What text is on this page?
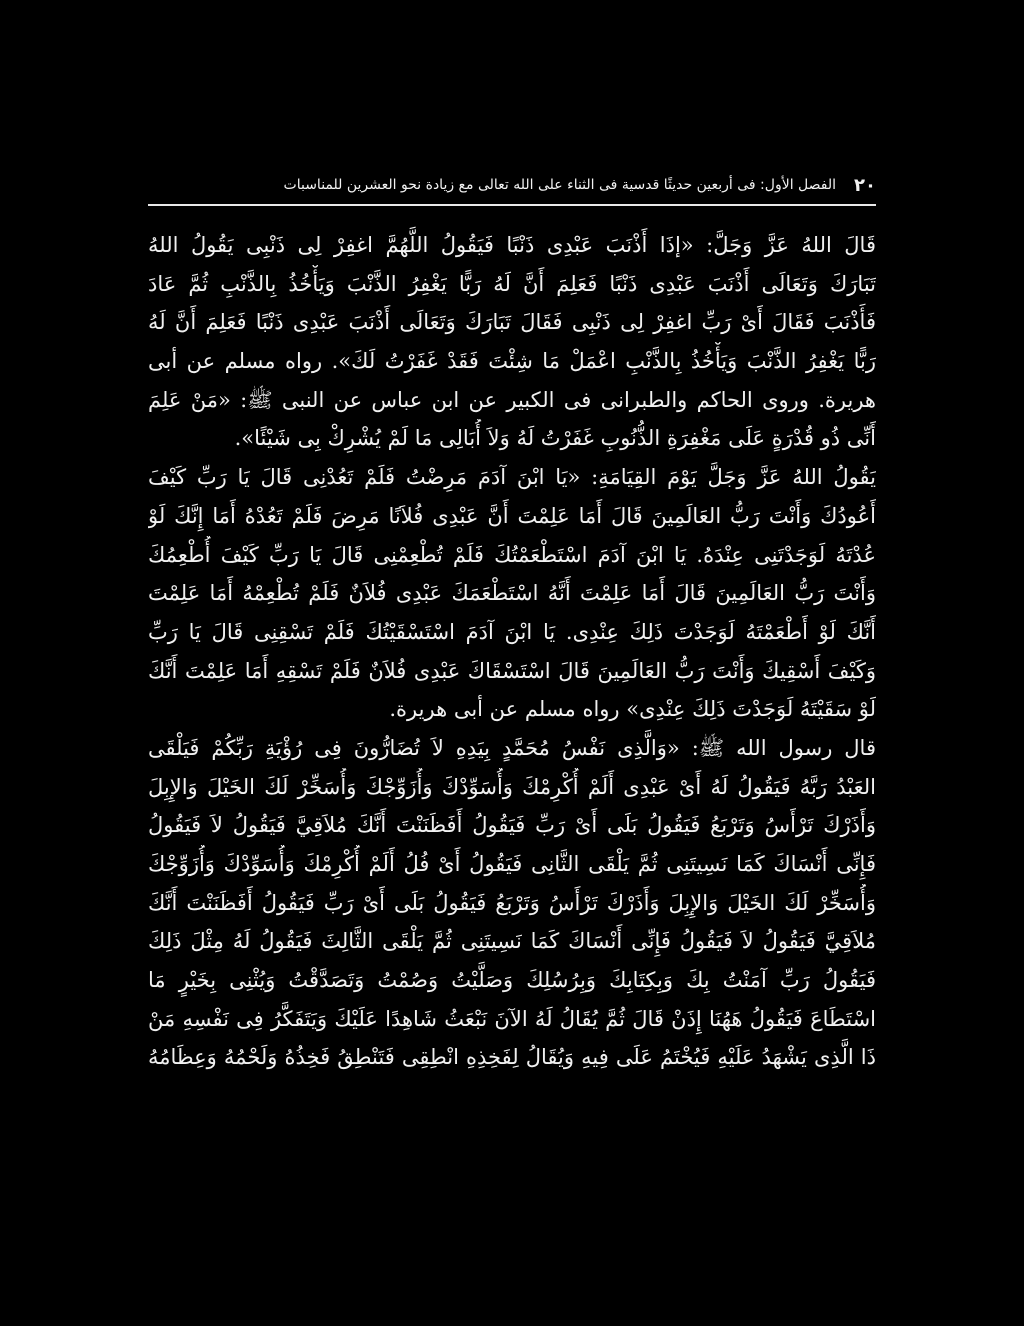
٢٠
الفصل الأول: فى أربعين حديثًا قدسية فى الثناء على الله تعالى مع زيادة نحو العشرين للمناسبات
قَالَ اللهُ عَزَّ وَجَلَّ: «إذَا أَذْنَبَ عَبْدِى ذَنْبًا فَيَقُولُ اللَّهُمَّ اغفِرْ لِى ذَنْبِى يَقُولُ اللهُ
تَبَارَكَ وَتَعَالَى أَذْنَبَ عَبْدِى ذَنْبًا فَعَلِمَ أَنَّ لَهُ رَبًّا يَغْفِرُ الذَّنْبَ وَيَأْخُذُ بِالذَّنْبِ ثُمَّ عَادَ
فَأَذْنَبَ فَقَالَ أَىْ رَبِّ اغفِرْ لِى ذَنْبِى فَقَالَ تَبَارَكَ وَتَعَالَى أَذْنَبَ عَبْدِى ذَنْبًا فَعَلِمَ أَنَّ لَهُ
رَبًّا يَغْفِرُ الذَّنْبَ وَيَأْخُذُ بِالذَّنْبِ اعْمَلْ مَا شِئْتَ فَقَدْ غَفَرْتُ لَكَ». رواه مسلم عن أبى
هريرة. وروى الحاكم والطبرانى فى الكبير عن ابن عباس عن النبى ﷺ: «مَنْ عَلِمَ
أَنِّى ذُو قُدْرَةٍ عَلَى مَغْفِرَةِ الذُّنُوبِ غَفَرْتُ لَهُ وَلاَ أُبَالِى مَا لَمْ يُشْرِكْ بِى شَيْئًا».
يَقُولُ اللهُ عَزَّ وَجَلَّ يَوْمَ القِيَامَةِ: «يَا ابْنَ آدَمَ مَرِضْتُ فَلَمْ تَعُدْنِى قَالَ يَا رَبِّ كَيْفَ
أَعُودُكَ وَأَنْتَ رَبُّ العَالَمِينَ قَالَ أَمَا عَلِمْتَ أَنَّ عَبْدِى فُلاَنًا مَرِضَ فَلَمْ تَعُدْهُ أَمَا إِنَّكَ لَوْ
عُدْتَهُ لَوَجَدْتَنِى عِنْدَهُ. يَا ابْنَ آدَمَ اسْتَطْعَمْتُكَ فَلَمْ تُطْعِمْنِى قَالَ يَا رَبِّ كَيْفَ أُطْعِمُكَ
وَأَنْتَ رَبُّ العَالَمِينَ قَالَ أَمَا عَلِمْتَ أَنَّهُ اسْتَطْعَمَكَ عَبْدِى فُلاَنٌ فَلَمْ تُطْعِمْهُ أَمَا عَلِمْتَ
أَنَّكَ لَوْ أَطْعَمْتَهُ لَوَجَدْتَ ذَلِكَ عِنْدِى. يَا ابْنَ آدَمَ اسْتَسْقَيْتُكَ فَلَمْ تَسْقِنِى قَالَ يَا رَبِّ
وَكَيْفَ أَسْقِيكَ وَأَنْتَ رَبُّ العَالَمِينَ قَالَ اسْتَسْقَاكَ عَبْدِى فُلاَنٌ فَلَمْ تَسْقِهِ أَمَا عَلِمْتَ أَنَّكَ
لَوْ سَقَيْتَهُ لَوَجَدْتَ ذَلِكَ عِنْدِى» رواه مسلم عن أبى هريرة.
قال رسول الله ﷺ: «وَالَّذِى نَفْسُ مُحَمَّدٍ بِيَدِهِ لاَ تُضَارُّونَ فِى رُؤْيَةِ رَبِّكُمْ فَيَلْقَى
العَبْدُ رَبَّهُ فَيَقُولُ لَهُ أَىْ عَبْدِى أَلَمْ أُكْرِمْكَ وَأُسَوِّدْكَ وَأُزَوِّجْكَ وَأُسَخِّرْ لَكَ الخَيْلَ وَالإِبِلَ
وَأَذَرْكَ تَرْأَسُ وَتَرْبَعُ فَيَقُولُ بَلَى أَىْ رَبِّ فَيَقُولُ أَفَظَنَنْتَ أَنَّكَ مُلاَقِيَّ فَيَقُولُ لاَ فَيَقُولُ
فَإِنِّى أَنْسَاكَ كَمَا نَسِيتَنِى ثُمَّ يَلْقَى الثَّانِى فَيَقُولُ أَىْ فُلُ أَلَمْ أُكْرِمْكَ وَأُسَوِّدْكَ وَأُزَوِّجْكَ
وَأُسَخِّرْ لَكَ الخَيْلَ وَالإِبِلَ وَأَذَرْكَ تَرْأَسُ وَتَرْبَعُ فَيَقُولُ بَلَى أَىْ رَبِّ فَيَقُولُ أَفَظَنَنْتَ أَنَّكَ
مُلاَقِيَّ فَيَقُولُ لاَ فَيَقُولُ فَإِنِّى أَنْسَاكَ كَمَا نَسِيتَنِى ثُمَّ يَلْقَى الثَّالِثَ فَيَقُولُ لَهُ مِثْلَ ذَلِكَ
فَيَقُولُ رَبِّ آمَنْتُ بِكَ وَبِكِتَابِكَ وَبِرُسُلِكَ وَصَلَّيْتُ وَصُمْتُ وَتَصَدَّقْتُ وَيُثْنِى بِخَيْرٍ مَا
اسْتَطَاعَ فَيَقُولُ هَهُنَا إِذَنْ قَالَ ثُمَّ يُقَالُ لَهُ الآنَ نَبْعَثُ شَاهِدًا عَلَيْكَ وَيَتَفَكَّرُ فِى نَفْسِهِ مَنْ
ذَا الَّذِى يَشْهَدُ عَلَيْهِ فَيُخْتَمُ عَلَى فِيهِ وَيُقَالُ لِفَخِذِهِ انْطِقِى فَتَنْطِقُ فَخِذُهُ وَلَحْمُهُ وَعِظَامُهُ
